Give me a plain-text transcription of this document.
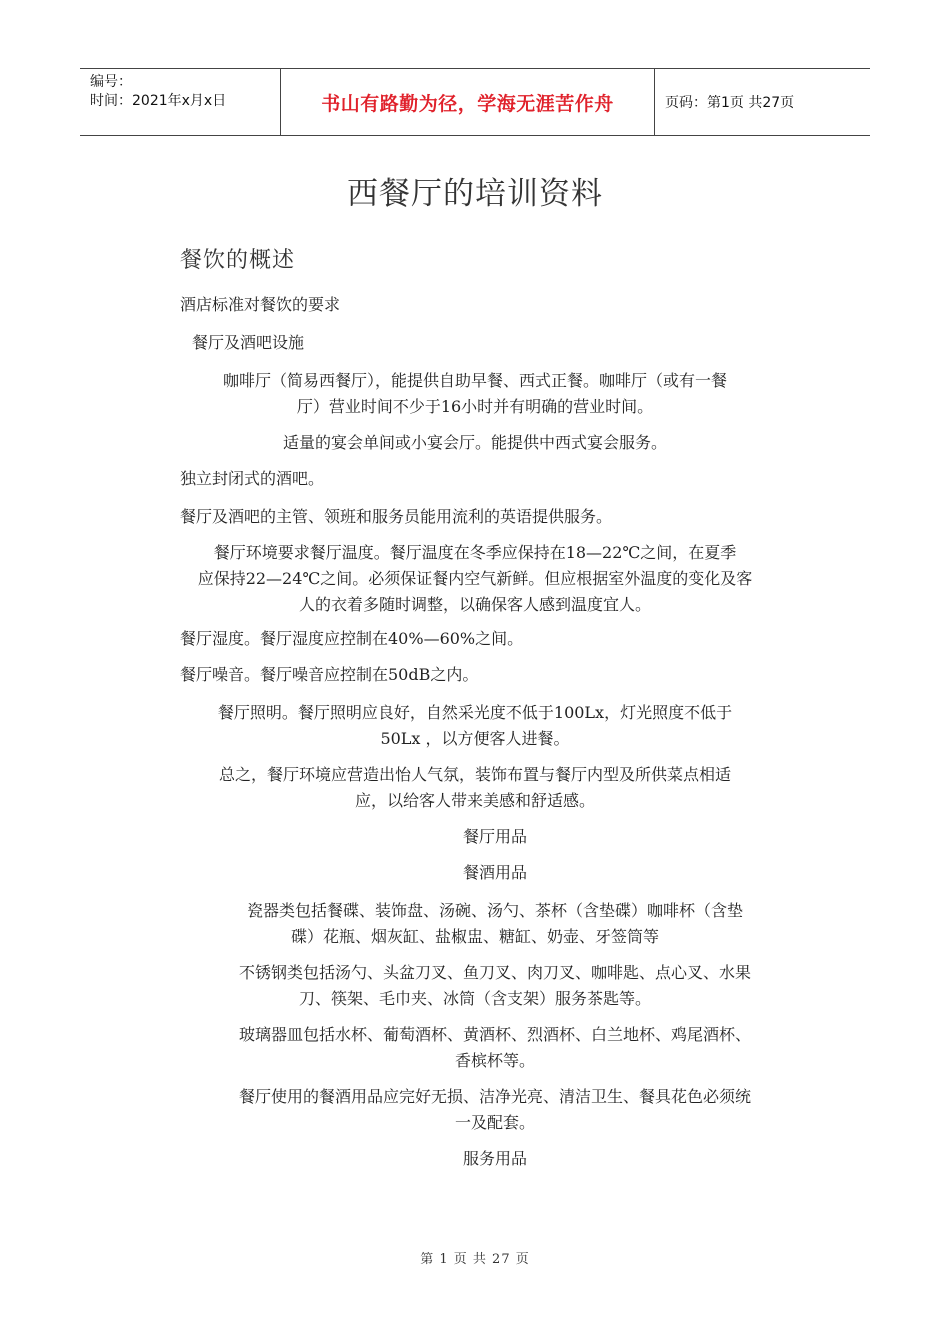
编号：
时间：2021年x月x日	书山有路勤为径，学海无涯苦作舟	页码：第1页 共27页
西餐厅的培训资料
餐饮的概述
酒店标准对餐饮的要求
餐厅及酒吧设施
咖啡厅（简易西餐厅），能提供自助早餐、西式正餐。咖啡厅（或有一餐
厅）营业时间不少于16小时并有明确的营业时间。
适量的宴会单间或小宴会厅。能提供中西式宴会服务。
独立封闭式的酒吧。
餐厅及酒吧的主管、领班和服务员能用流利的英语提供服务。
餐厅环境要求餐厅温度。餐厅温度在冬季应保持在18—22℃之间，在夏季
应保持22—24℃之间。必须保证餐内空气新鲜。但应根据室外温度的变化及客
人的衣着多随时调整，以确保客人感到温度宜人。
餐厅湿度。餐厅湿度应控制在40%—60%之间。
餐厅噪音。餐厅噪音应控制在50dB之内。
餐厅照明。餐厅照明应良好，自然采光度不低于100Lx，灯光照度不低于
50Lx ，以方便客人进餐。
总之，餐厅环境应营造出怡人气氛，装饰布置与餐厅内型及所供菜点相适
应，以给客人带来美感和舒适感。
餐厅用品
餐酒用品
瓷器类包括餐碟、装饰盘、汤碗、汤勺、茶杯（含垫碟）咖啡杯（含垫
碟）花瓶、烟灰缸、盐椒盅、糖缸、奶壶、牙签筒等
不锈钢类包括汤勺、头盆刀叉、鱼刀叉、肉刀叉、咖啡匙、点心叉、水果
刀、筷架、毛巾夹、冰筒（含支架）服务茶匙等。
玻璃器皿包括水杯、葡萄酒杯、黄酒杯、烈酒杯、白兰地杯、鸡尾酒杯、
香槟杯等。
餐厅使用的餐酒用品应完好无损、洁净光亮、清洁卫生、餐具花色必须统
一及配套。
服务用品
第 1 页 共 27 页
